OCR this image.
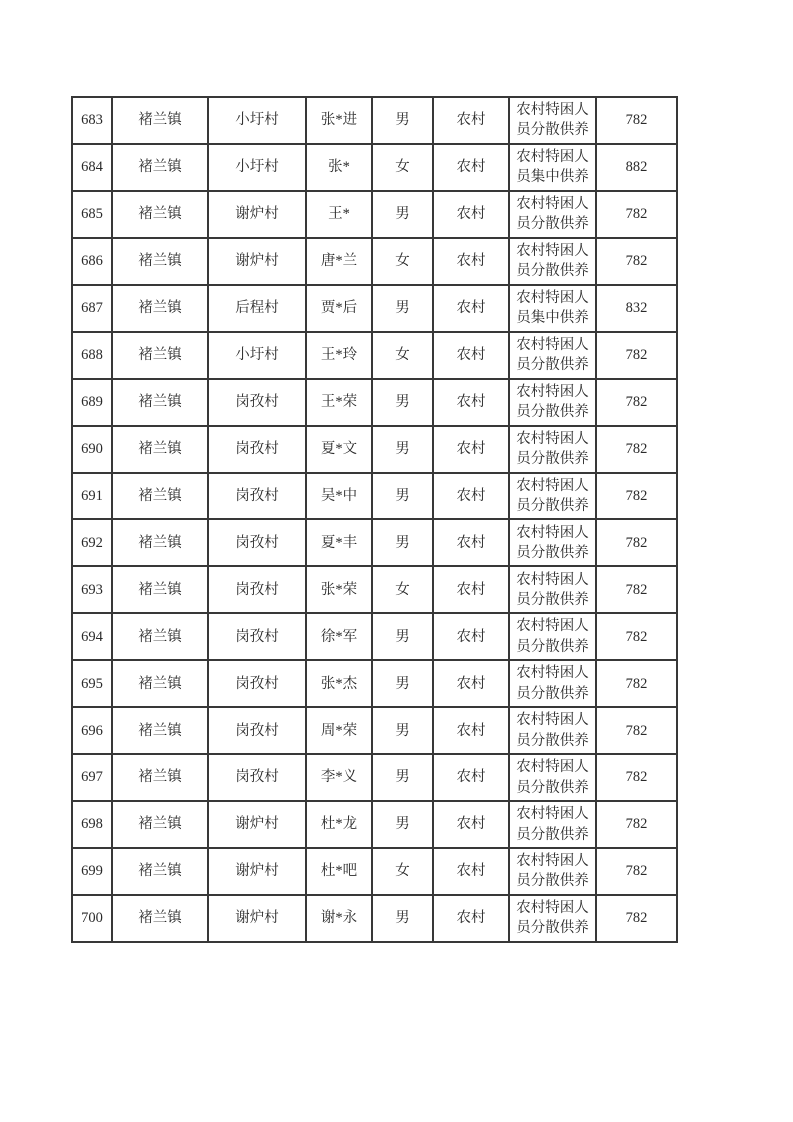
683	褚兰镇	小圩村	张*进	男	农村	农村特困人员分散供养	782
684	褚兰镇	小圩村	张*	女	农村	农村特困人员集中供养	882
685	褚兰镇	谢炉村	王*	男	农村	农村特困人员分散供养	782
686	褚兰镇	谢炉村	唐*兰	女	农村	农村特困人员分散供养	782
687	褚兰镇	后程村	贾*后	男	农村	农村特困人员集中供养	832
688	褚兰镇	小圩村	王*玲	女	农村	农村特困人员分散供养	782
689	褚兰镇	岗孜村	王*荣	男	农村	农村特困人员分散供养	782
690	褚兰镇	岗孜村	夏*文	男	农村	农村特困人员分散供养	782
691	褚兰镇	岗孜村	吴*中	男	农村	农村特困人员分散供养	782
692	褚兰镇	岗孜村	夏*丰	男	农村	农村特困人员分散供养	782
693	褚兰镇	岗孜村	张*荣	女	农村	农村特困人员分散供养	782
694	褚兰镇	岗孜村	徐*军	男	农村	农村特困人员分散供养	782
695	褚兰镇	岗孜村	张*杰	男	农村	农村特困人员分散供养	782
696	褚兰镇	岗孜村	周*荣	男	农村	农村特困人员分散供养	782
697	褚兰镇	岗孜村	李*义	男	农村	农村特困人员分散供养	782
698	褚兰镇	谢炉村	杜*龙	男	农村	农村特困人员分散供养	782
699	褚兰镇	谢炉村	杜*吧	女	农村	农村特困人员分散供养	782
700	褚兰镇	谢炉村	谢*永	男	农村	农村特困人员分散供养	782
